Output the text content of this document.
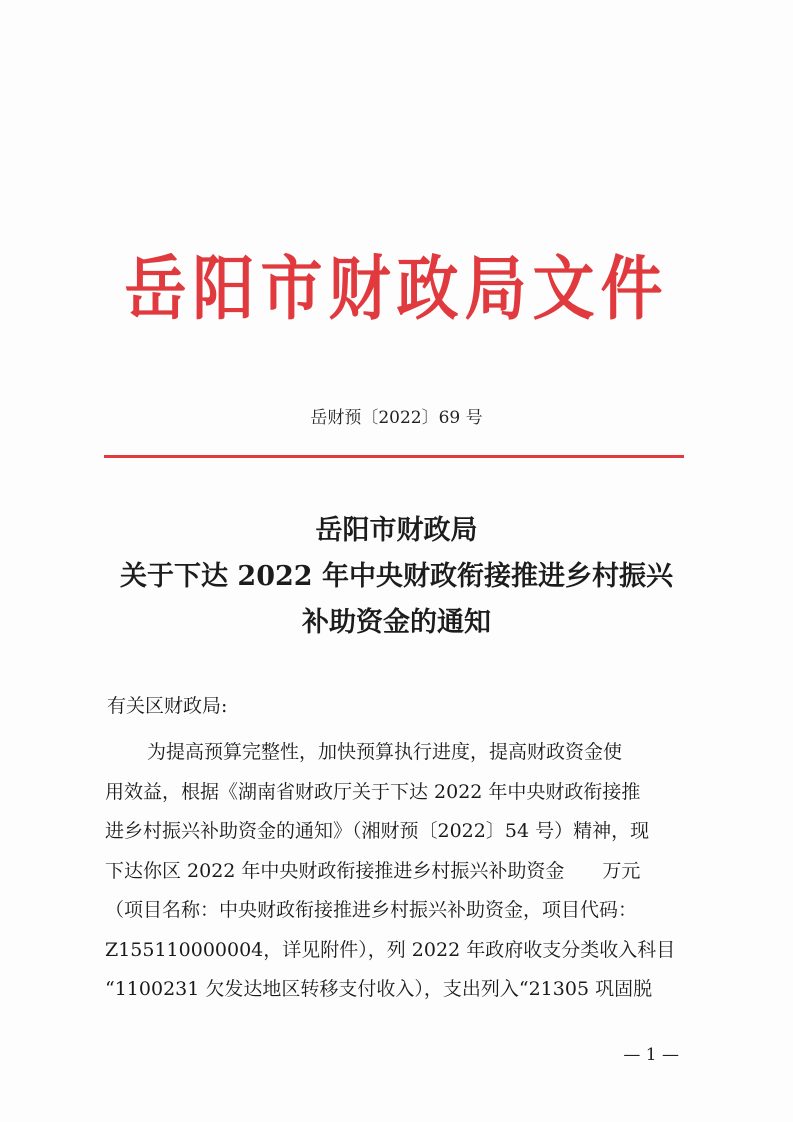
岳阳市财政局文件
岳财预〔2022〕69 号
岳阳市财政局
关于下达 2022 年中央财政衔接推进乡村振兴
补助资金的通知
有关区财政局:
为提高预算完整性，加快预算执行进度，提高财政资金使
用效益，根据《湖南省财政厅关于下达 2022 年中央财政衔接推
进乡村振兴补助资金的通知》（湘财预〔2022〕54 号）精神，现
下达你区 2022 年中央财政衔接推进乡村振兴补助资金　　万元
（项目名称：中央财政衔接推进乡村振兴补助资金，项目代码：
Z155110000004，详见附件），列 2022 年政府收支分类收入科目
“1100231 欠发达地区转移支付收入），支出列入“21305 巩固脱
— 1 —
